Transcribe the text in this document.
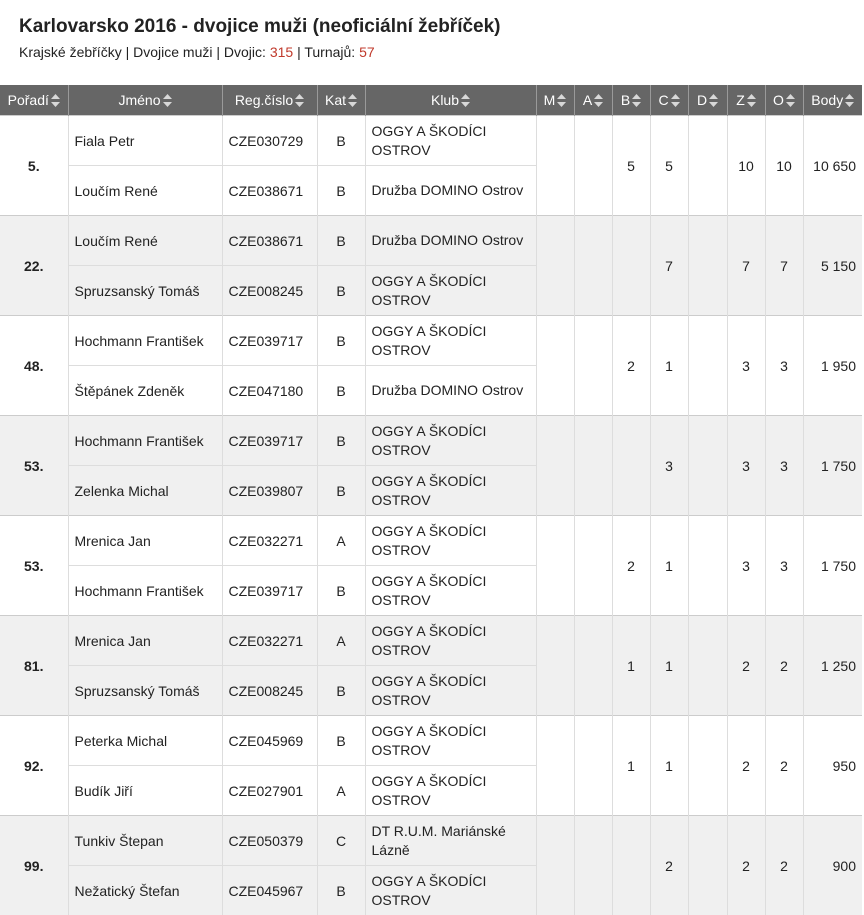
Karlovarsko 2016 - dvojice muži (neoficiální žebříček)
Krajské žebříčky | Dvojice muži | Dvojic: 315 | Turnajů: 57
Pořadí	Jméno	Reg.číslo	Kat	Klub	M	A	B	C	D	Z	O	Body
5.	Fiala Petr	CZE030729	B	OGGY A ŠKODÍCI OSTROV			5	5		10	10	10 650
	Loučím René	CZE038671	B	Družba DOMINO Ostrov								
22.	Loučím René	CZE038671	B	Družba DOMINO Ostrov				7		7	7	5 150
	Spruzsanský Tomáš	CZE008245	B	OGGY A ŠKODÍCI OSTROV								
48.	Hochmann František	CZE039717	B	OGGY A ŠKODÍCI OSTROV			2	1		3	3	1 950
	Štěpánek Zdeněk	CZE047180	B	Družba DOMINO Ostrov								
53.	Hochmann František	CZE039717	B	OGGY A ŠKODÍCI OSTROV				3		3	3	1 750
	Zelenka Michal	CZE039807	B	OGGY A ŠKODÍCI OSTROV								
53.	Mrenica Jan	CZE032271	A	OGGY A ŠKODÍCI OSTROV			2	1		3	3	1 750
	Hochmann František	CZE039717	B	OGGY A ŠKODÍCI OSTROV								
81.	Mrenica Jan	CZE032271	A	OGGY A ŠKODÍCI OSTROV			1	1		2	2	1 250
	Spruzsanský Tomáš	CZE008245	B	OGGY A ŠKODÍCI OSTROV								
92.	Peterka Michal	CZE045969	B	OGGY A ŠKODÍCI OSTROV			1	1		2	2	950
	Budík Jiří	CZE027901	A	OGGY A ŠKODÍCI OSTROV								
99.	Tunkiv Štepan	CZE050379	C	DT R.U.M. Mariánské Lázně				2		2	2	900
	Nežatický Štefan	CZE045967	B	OGGY A ŠKODÍCI OSTROV								
